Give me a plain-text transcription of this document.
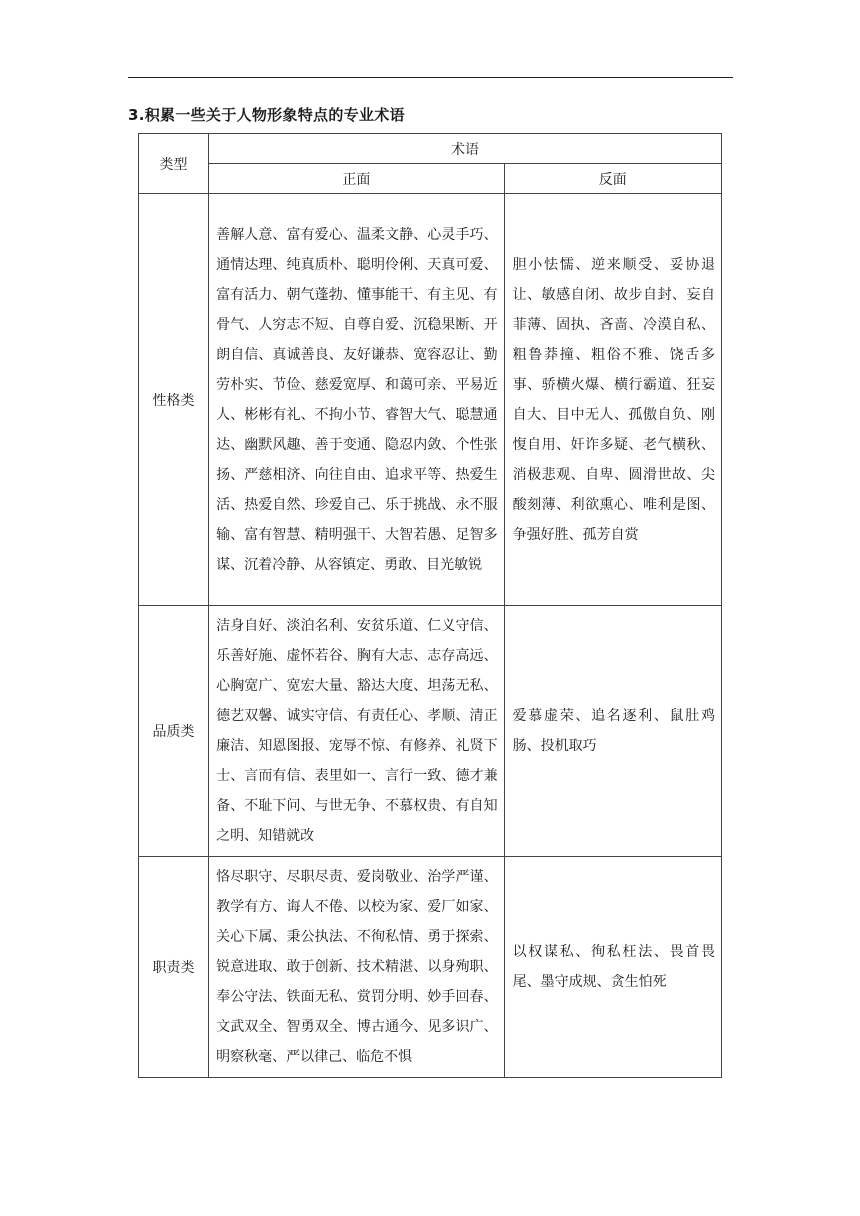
3.积累一些关于人物形象特点的专业术语
类型	术语	
	正面	反面
性格类	善解人意、富有爱心、温柔文静、心灵手巧、通情达理、纯真质朴、聪明伶俐、天真可爱、富有活力、朝气蓬勃、懂事能干、有主见、有骨气、人穷志不短、自尊自爱、沉稳果断、开朗自信、真诚善良、友好谦恭、宽容忍让、勤劳朴实、节俭、慈爱宽厚、和蔼可亲、平易近人、彬彬有礼、不拘小节、睿智大气、聪慧通达、幽默风趣、善于变通、隐忍内敛、个性张扬、严慈相济、向往自由、追求平等、热爱生活、热爱自然、珍爱自己、乐于挑战、永不服输、富有智慧、精明强干、大智若愚、足智多谋、沉着冷静、从容镇定、勇敢、目光敏锐	胆小怯懦、逆来顺受、妥协退让、敏感自闭、故步自封、妄自菲薄、固执、吝啬、冷漠自私、粗鲁莽撞、粗俗不雅、饶舌多事、骄横火爆、横行霸道、狂妄自大、目中无人、孤傲自负、刚愎自用、奸诈多疑、老气横秋、消极悲观、自卑、圆滑世故、尖酸刻薄、利欲熏心、唯利是图、争强好胜、孤芳自赏
品质类	洁身自好、淡泊名利、安贫乐道、仁义守信、乐善好施、虚怀若谷、胸有大志、志存高远、心胸宽广、宽宏大量、豁达大度、坦荡无私、德艺双馨、诚实守信、有责任心、孝顺、清正廉洁、知恩图报、宠辱不惊、有修养、礼贤下士、言而有信、表里如一、言行一致、德才兼备、不耻下问、与世无争、不慕权贵、有自知之明、知错就改	爱慕虚荣、追名逐利、鼠肚鸡肠、投机取巧
职责类	恪尽职守、尽职尽责、爱岗敬业、治学严谨、教学有方、诲人不倦、以校为家、爱厂如家、关心下属、秉公执法、不徇私情、勇于探索、锐意进取、敢于创新、技术精湛、以身殉职、奉公守法、铁面无私、赏罚分明、妙手回春、文武双全、智勇双全、博古通今、见多识广、明察秋毫、严以律己、临危不惧	以权谋私、徇私枉法、畏首畏尾、墨守成规、贪生怕死
